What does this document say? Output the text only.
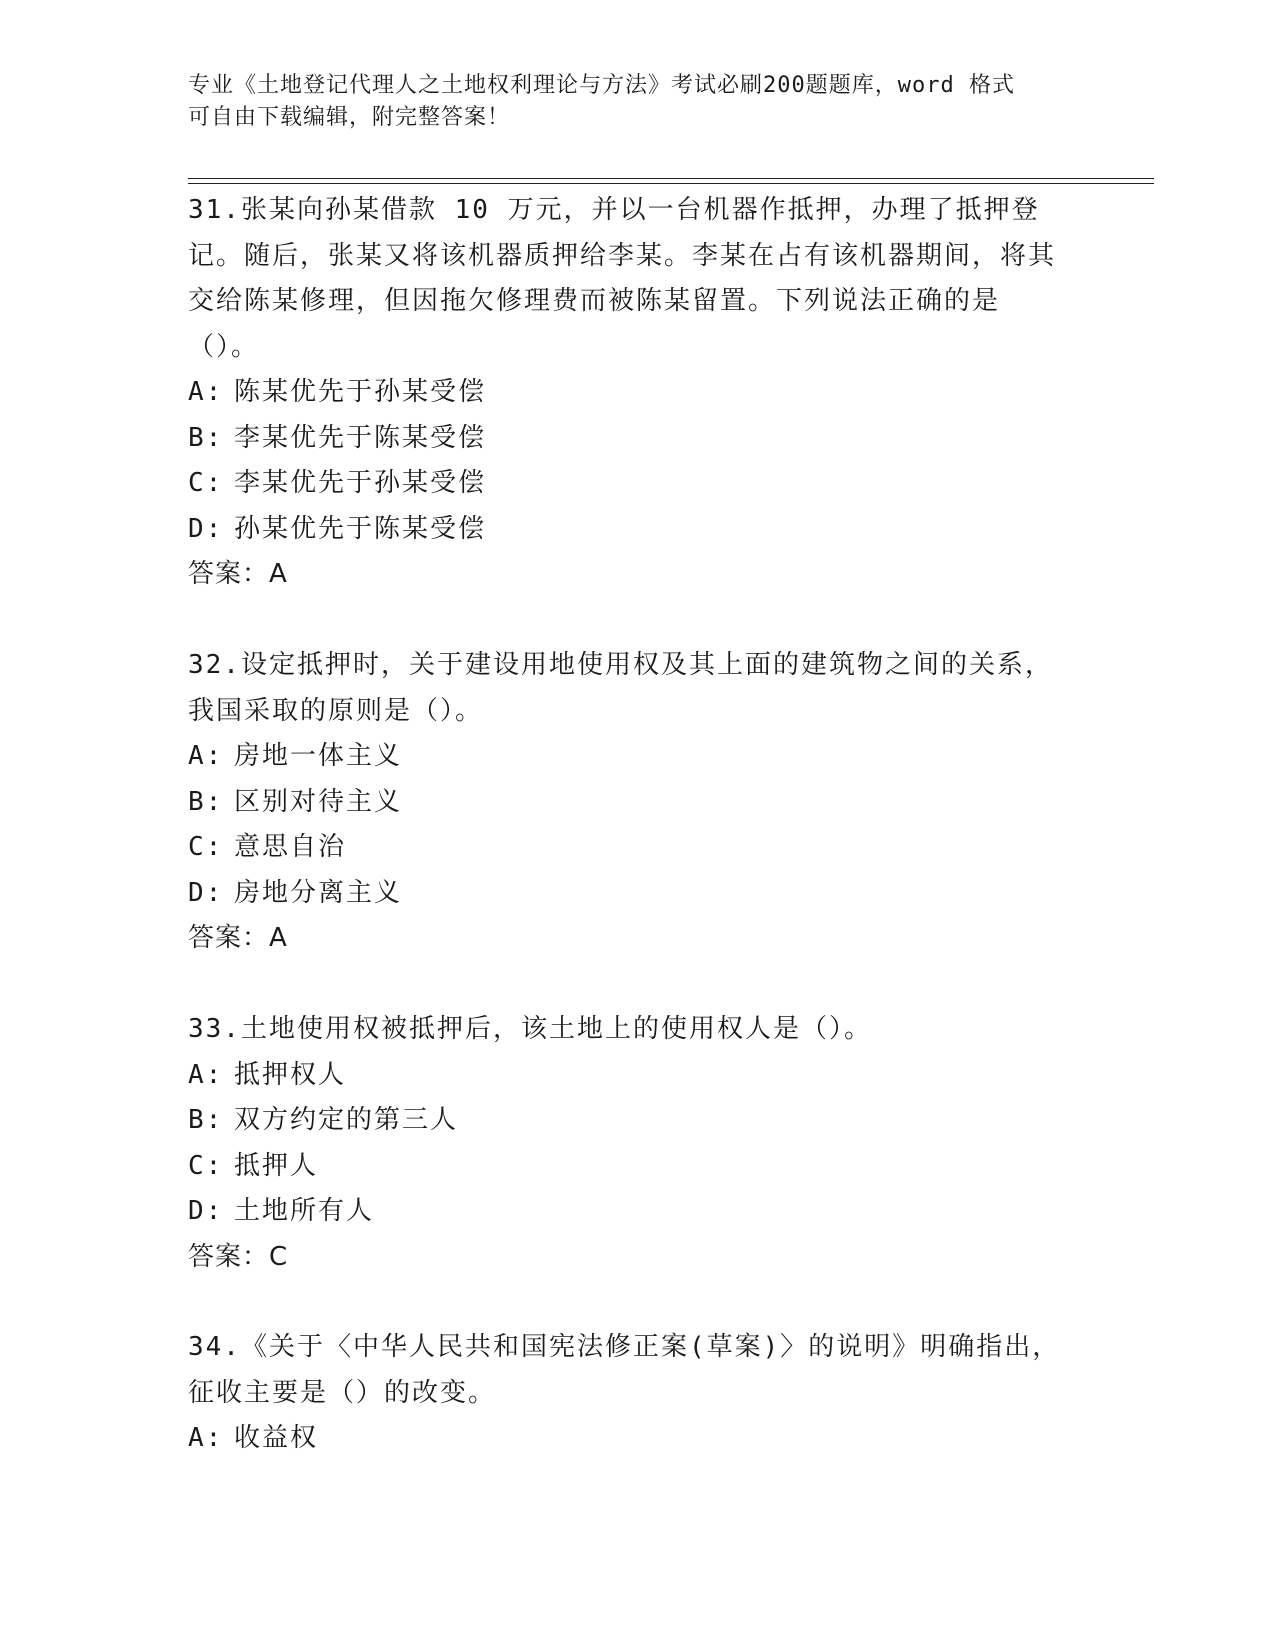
专业《土地登记代理人之土地权利理论与方法》考试必刷200题题库，word 格式
可自由下载编辑，附完整答案！

31.张某向孙某借款 10 万元，并以一台机器作抵押，办理了抵押登记。随后，张某又将该机器质押给李某。李某在占有该机器期间，将其交给陈某修理，但因拖欠修理费而被陈某留置。下列说法正确的是（）。

A: 陈某优先于孙某受偿
B: 李某优先于陈某受偿
C: 李某优先于孙某受偿
D: 孙某优先于陈某受偿
答案：A

32.设定抵押时，关于建设用地使用权及其上面的建筑物之间的关系，我国采取的原则是（）。

A: 房地一体主义
B: 区别对待主义
C: 意思自治
D: 房地分离主义
答案：A

33.土地使用权被抵押后，该土地上的使用权人是（）。

A: 抵押权人
B: 双方约定的第三人
C: 抵押人
D: 土地所有人
答案：C

34.《关于〈中华人民共和国宪法修正案(草案)〉的说明》明确指出，征收主要是（）的改变。

A: 收益权
